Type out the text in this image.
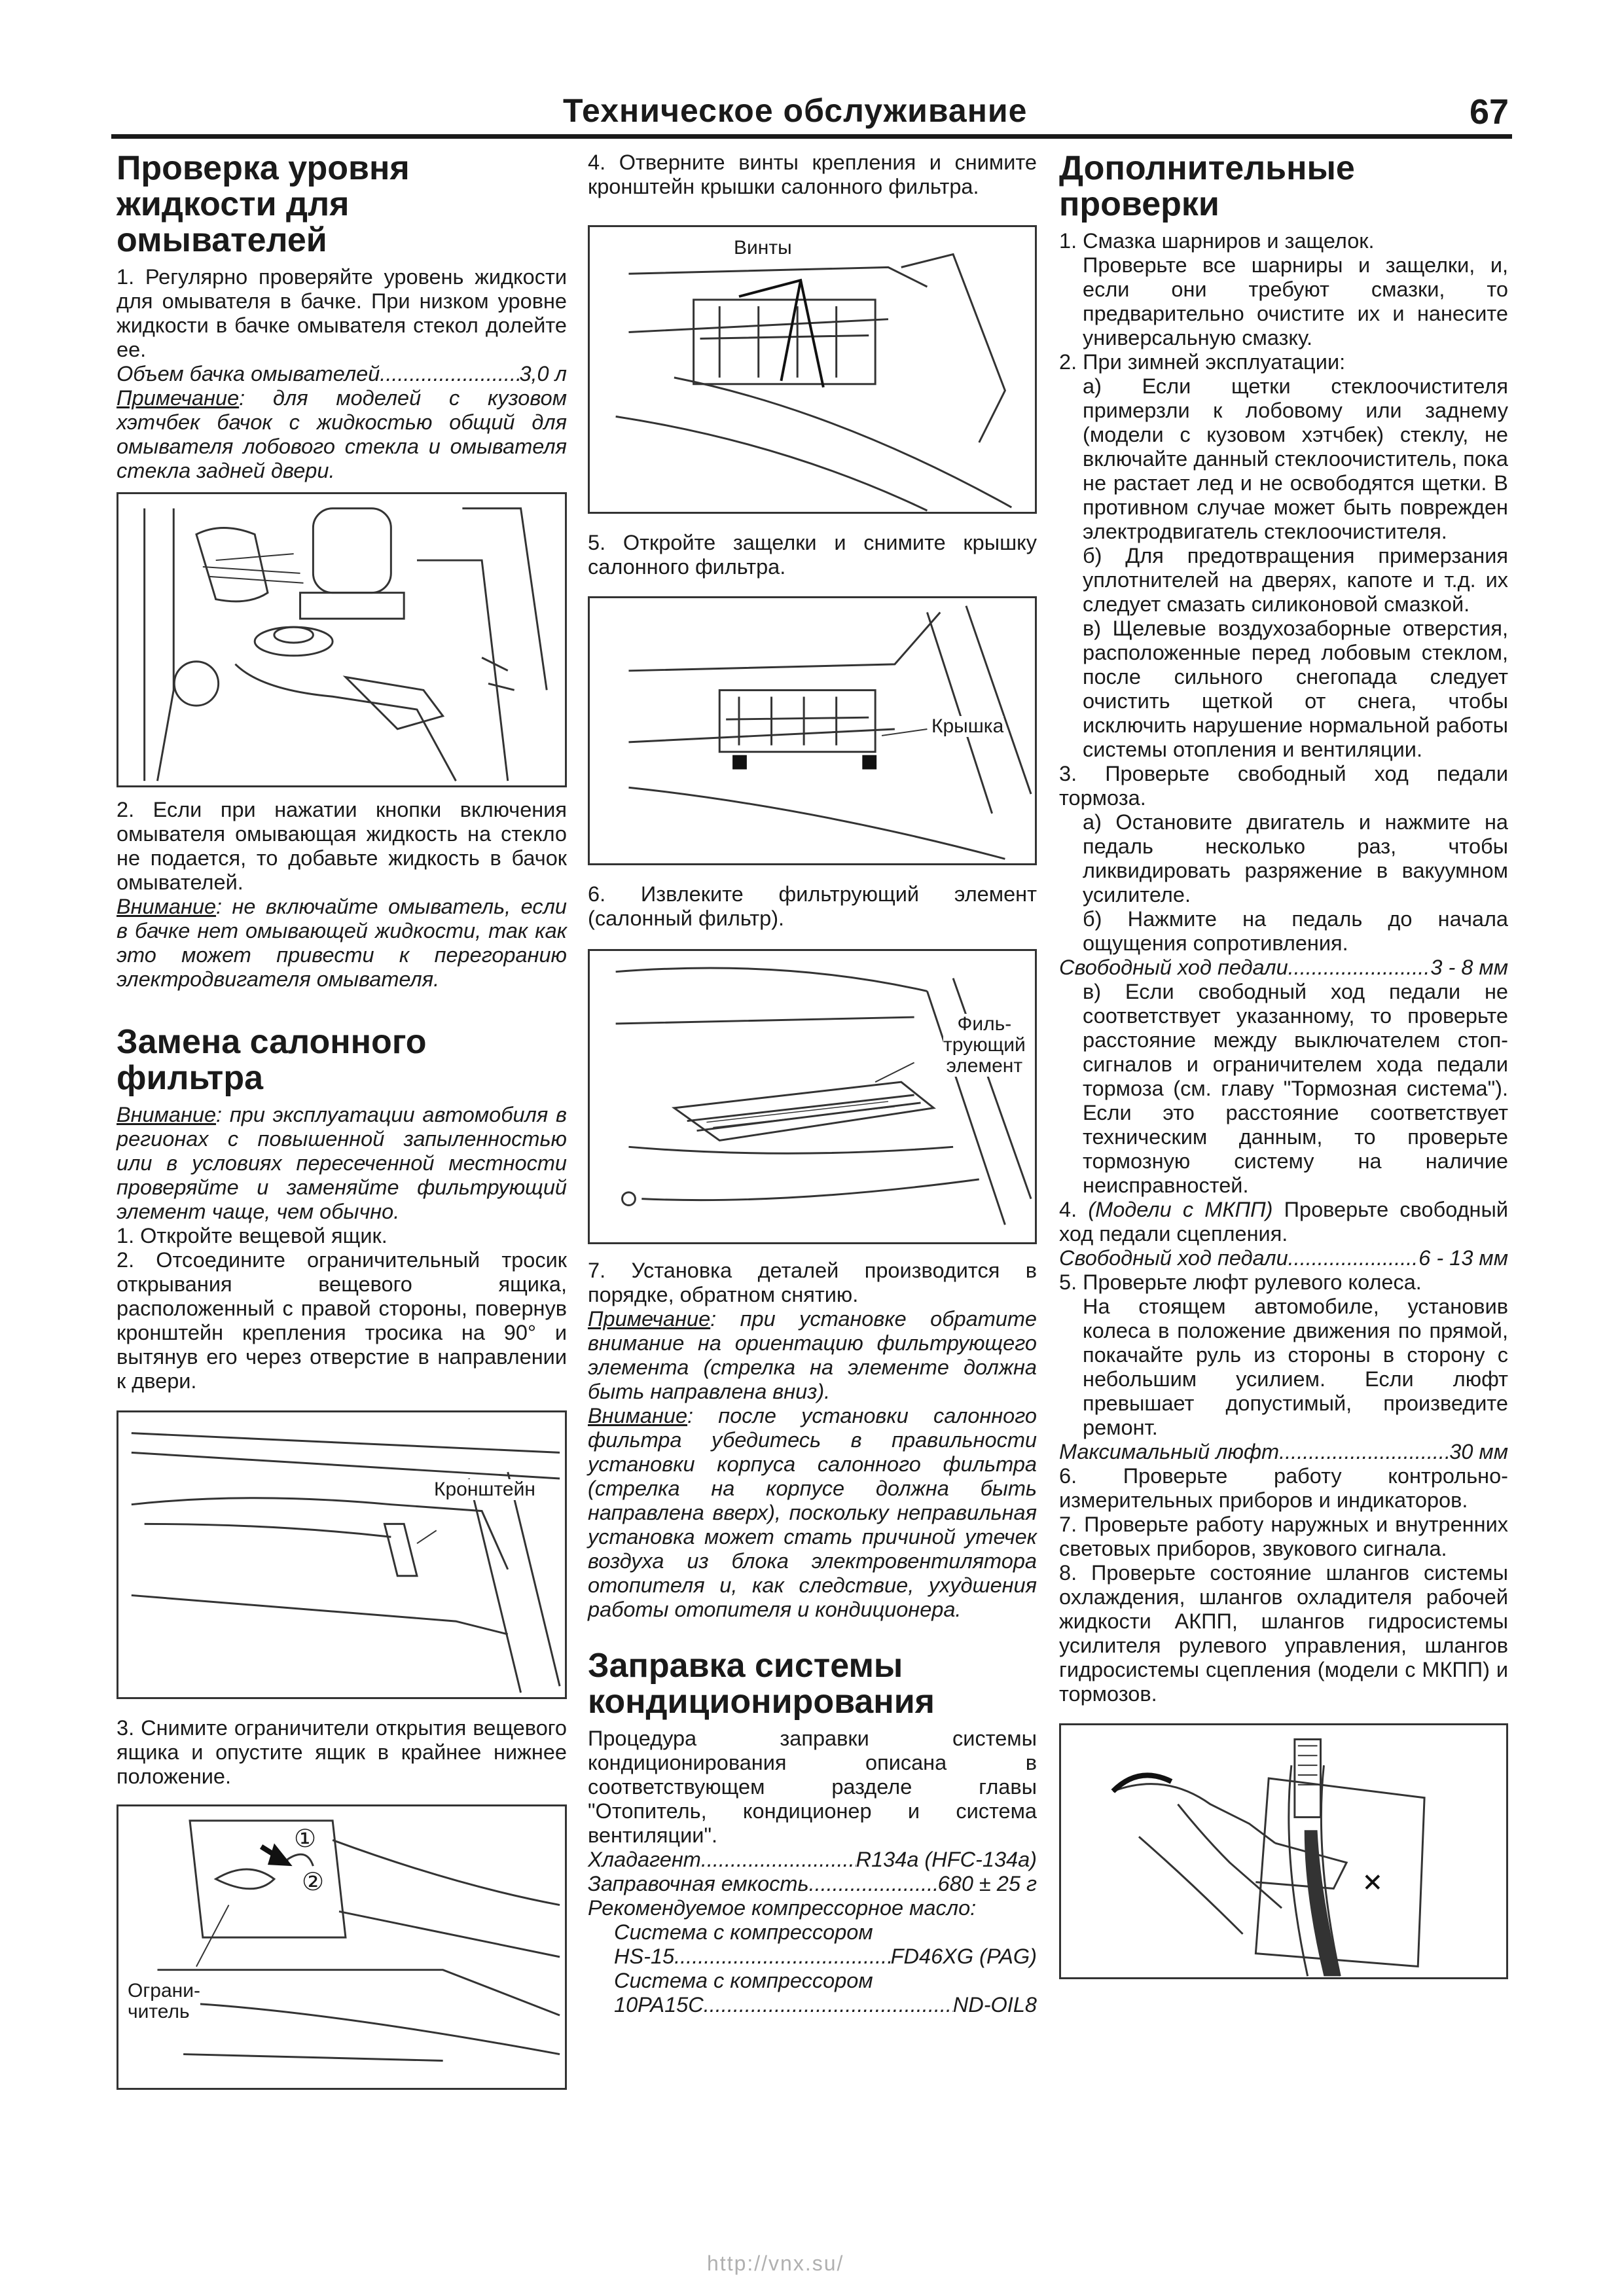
Техническое обслуживание	67
Проверка уровня жидкости для омывателей

1. Регулярно проверяйте уровень жидкости для омывателя в бачке. При низком уровне жидкости в бачке омывателя стекол долейте ее.

Объем бачка омывателей .....	3,0 л

Примечание: для моделей с кузовом хэтчбек бачок с жидкостью общий для омывателя лобового стекла и омывателя стекла задней двери.

2. Если при нажатии кнопки включения омывателя омывающая жидкость на стекло не подается, то добавьте жидкость в бачок омывателей.

Внимание: не включайте омыватель, если в бачке нет омывающей жидкости, так как это может привести к перегоранию электродвигателя омывателя.

Замена салонного фильтра

Внимание: при эксплуатации автомобиля в регионах с повышенной запыленностью или в условиях пересеченной местности проверяйте и заменяйте фильтрующий элемент чаще, чем обычно.

1. Откройте вещевой ящик.

2. Отсоедините ограничительный тросик открывания вещевого ящика, расположенный с правой стороны, повернув кронштейн крепления тросика на 90° и вытянув его через отверстие в направлении к двери.

Кронштейн

3. Снимите ограничители открытия вещевого ящика и опустите ящик в крайнее нижнее положение.

①
②
Ограни-
читель

4. Отверните винты крепления и снимите кронштейн крышки салонного фильтра.

Винты

5. Откройте защелки и снимите крышку салонного фильтра.

Крышка

6. Извлеките фильтрующий элемент (салонный фильтр).

Филь-
трующий
элемент

7. Установка деталей производится в порядке, обратном снятию.

Примечание: при установке обратите внимание на ориентацию фильтрующего элемента (стрелка на элементе должна быть направлена вниз).

Внимание: после установки салонного фильтра убедитесь в правильности установки корпуса салонного фильтра (стрелка на корпусе должна быть направлена вверх), поскольку неправильная установка может стать причиной утечек воздуха из блока электровентилятора отопителя и, как следствие, ухудшения работы отопителя и кондиционера.

Заправка системы кондиционирования

Процедура заправки системы кондиционирования описана в соответствующем разделе главы "Отопитель, кондиционер и система вентиляции".

Хладагент .....	R134a (HFC-134a)
Заправочная емкость .....	680 ± 25 г

Рекомендуемое компрессорное масло:

Система с компрессором

HS-15 .....	FD46XG (PAG)

Система с компрессором

10PA15C .....	ND-OIL8
Дополнительные проверки

1. Смазка шарниров и защелок.

Проверьте все шарниры и защелки, и, если они требуют смазки, то предварительно очистите их и нанесите универсальную смазку.

2. При зимней эксплуатации:

а) Если щетки стеклоочистителя примерзли к лобовому или заднему (модели с кузовом хэтчбек) стеклу, не включайте данный стеклоочиститель, пока не растает лед и не освободятся щетки. В противном случае может быть поврежден электродвигатель стеклоочистителя.

б) Для предотвращения примерзания уплотнителей на дверях, капоте и т.д. их следует смазать силиконовой смазкой.

в) Щелевые воздухозаборные отверстия, расположенные перед лобовым стеклом, после сильного снегопада следует очистить щеткой от снега, чтобы исключить нарушение нормальной работы системы отопления и вентиляции.

3. Проверьте свободный ход педали тормоза.

а) Остановите двигатель и нажмите на педаль несколько раз, чтобы ликвидировать разряжение в вакуумном усилителе.

б) Нажмите на педаль до начала ощущения сопротивления.

Свободный ход педали .....	3 - 8 мм

в) Если свободный ход педали не соответствует указанному, то проверьте расстояние между выключателем стоп-сигналов и ограничителем хода педали тормоза (см. главу "Тормозная система"). Если это расстояние соответствует техническим данным, то проверьте тормозную систему на наличие неисправностей.

4. (Модели с МКПП) Проверьте свободный ход педали сцепления.

Свободный ход педали .....	6 - 13 мм

5. Проверьте люфт рулевого колеса.

На стоящем автомобиле, установив колеса в положение движения по прямой, покачайте руль из стороны в сторону с небольшим усилием. Если люфт превышает допустимый, произведите ремонт.

Максимальный люфт .....	30 мм

6. Проверьте работу контрольно-измерительных приборов и индикаторов.

7. Проверьте работу наружных и внутренних световых приборов, звукового сигнала.

8. Проверьте состояние шлангов системы охлаждения, шлангов охладителя рабочей жидкости АКПП, шлангов гидросистемы усилителя рулевого управления, шлангов гидросистемы сцепления (модели с МКПП) и тормозов.

http://vnx.su/
